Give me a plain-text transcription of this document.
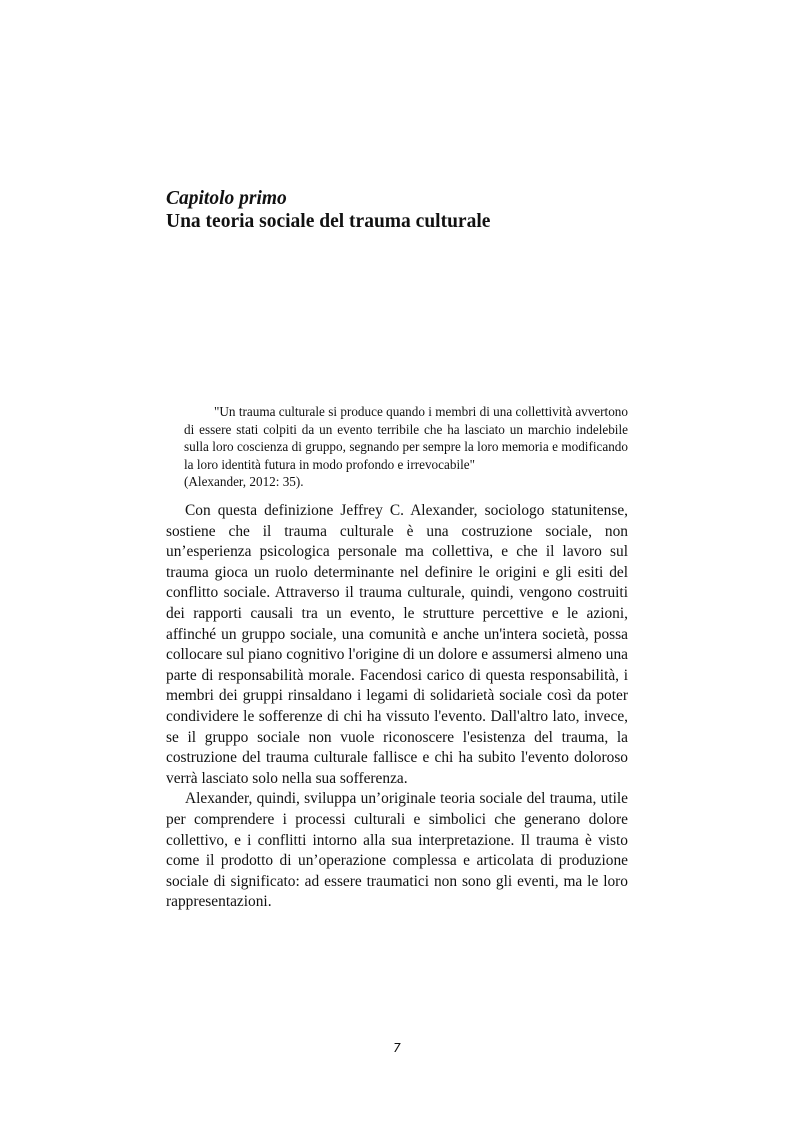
Capitolo primo
Una teoria sociale del trauma culturale

"Un trauma culturale si produce quando i membri di una collettività avvertono di essere stati colpiti da un evento terribile che ha lasciato un marchio indelebile sulla loro coscienza di gruppo, segnando per sempre la loro memoria e modificando la loro identità futura in modo profondo e irrevocabile"

(Alexander, 2012: 35).

Con questa definizione Jeffrey C. Alexander, sociologo statunitense, sostiene che il trauma culturale è una costruzione sociale, non un’esperienza psicologica personale ma collettiva, e che il lavoro sul trauma gioca un ruolo determinante nel definire le origini e gli esiti del conflitto sociale. Attraverso il trauma culturale, quindi, vengono costruiti dei rapporti causali tra un evento, le strutture percettive e le azioni, affinché un gruppo sociale, una comunità e anche un'intera società, possa collocare sul piano cognitivo l'origine di un dolore e assumersi almeno una parte di responsabilità morale. Facendosi carico di questa responsabilità, i membri dei gruppi rinsaldano i legami di solidarietà sociale così da poter condividere le sofferenze di chi ha vissuto l'evento. Dall'altro lato, invece, se il gruppo sociale non vuole riconoscere l'esistenza del trauma, la costruzione del trauma culturale fallisce e chi ha subito l'evento doloroso verrà lasciato solo nella sua sofferenza.

Alexander, quindi, sviluppa un’originale teoria sociale del trauma, utile per comprendere i processi culturali e simbolici che generano dolore collettivo, e i conflitti intorno alla sua interpretazione. Il trauma è visto come il prodotto di un’operazione complessa e articolata di produzione sociale di significato: ad essere traumatici non sono gli eventi, ma le loro rappresentazioni.

7
